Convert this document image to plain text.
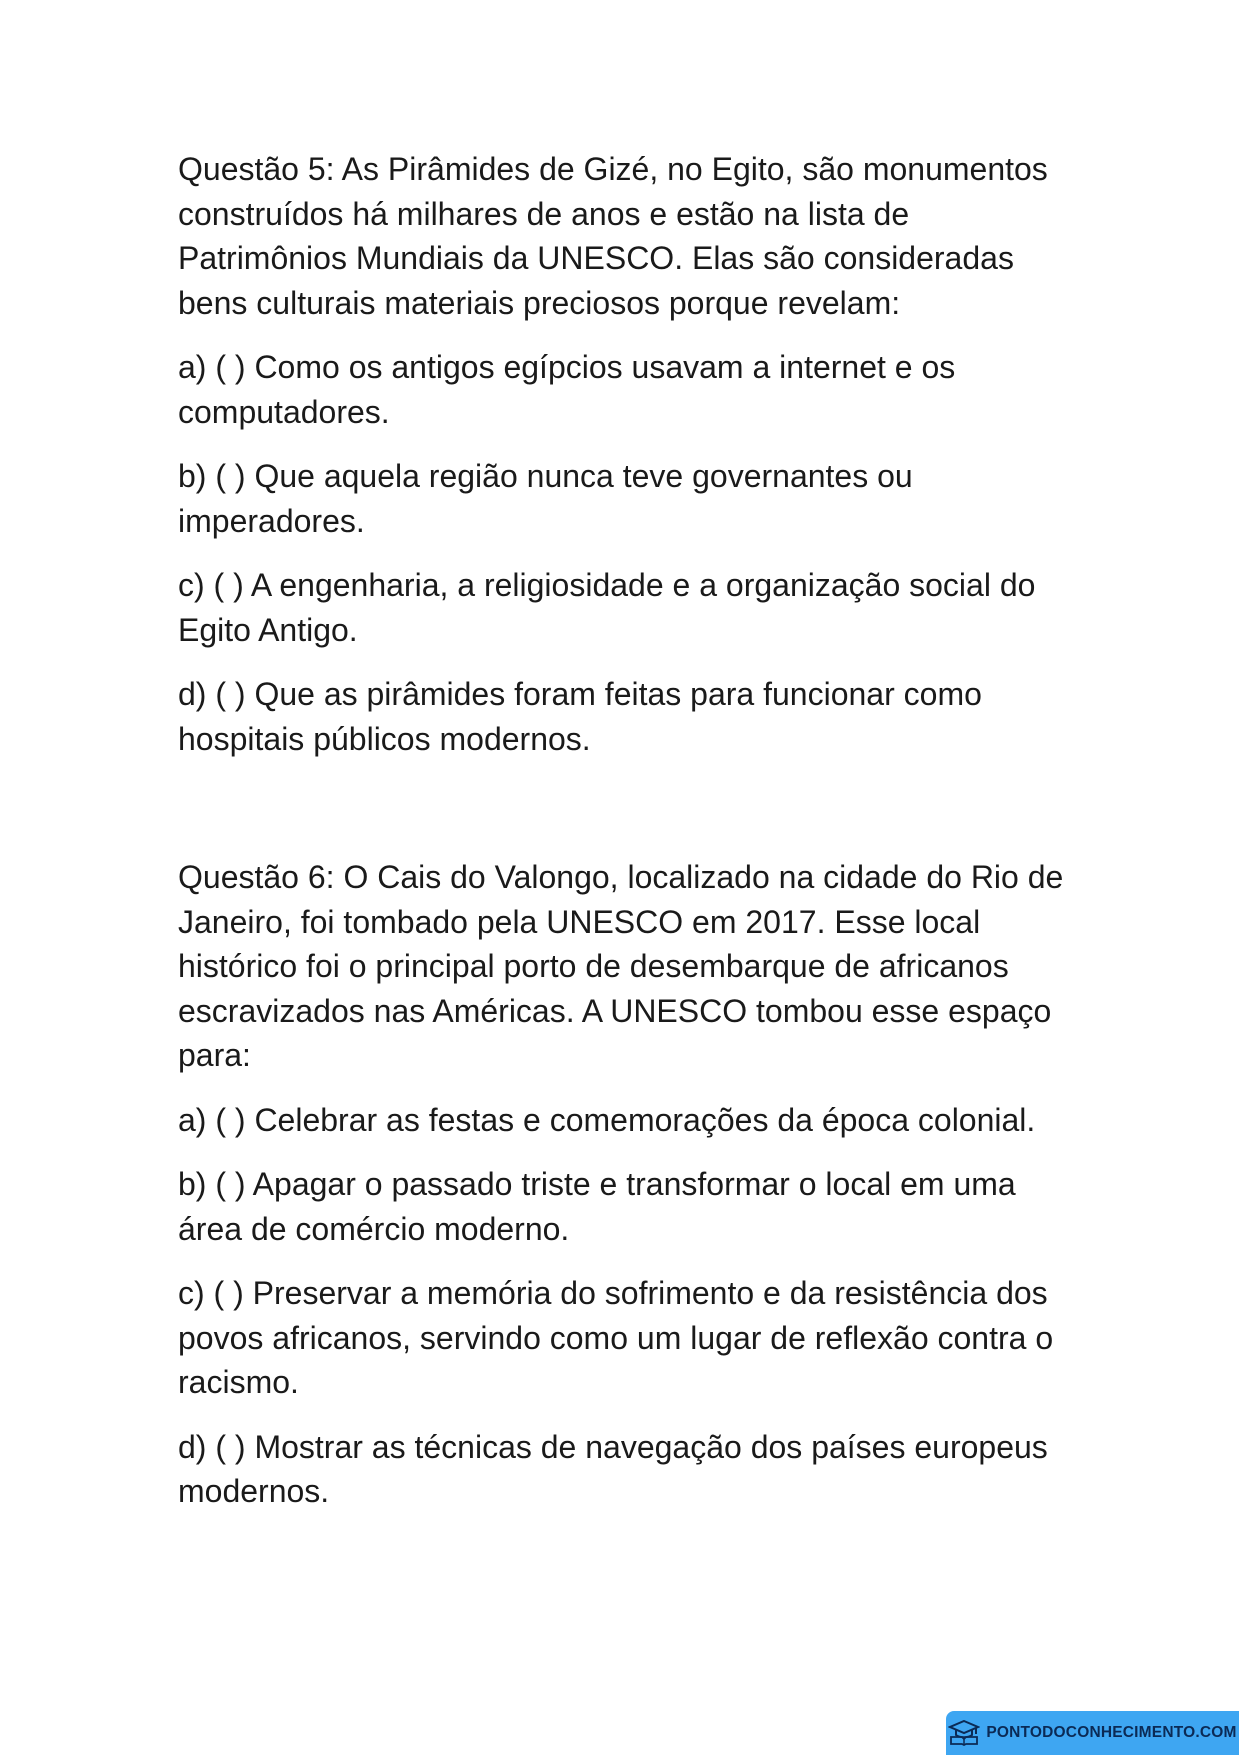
Questão 5: As Pirâmides de Gizé, no Egito, são monumentos construídos há milhares de anos e estão na lista de Patrimônios Mundiais da UNESCO. Elas são consideradas bens culturais materiais preciosos porque revelam:

a) ( ) Como os antigos egípcios usavam a internet e os computadores.

b) ( ) Que aquela região nunca teve governantes ou imperadores.

c) ( ) A engenharia, a religiosidade e a organização social do Egito Antigo.

d) ( ) Que as pirâmides foram feitas para funcionar como hospitais públicos modernos.

Questão 6: O Cais do Valongo, localizado na cidade do Rio de Janeiro, foi tombado pela UNESCO em 2017. Esse local histórico foi o principal porto de desembarque de africanos escravizados nas Américas. A UNESCO tombou esse espaço para:

a) ( ) Celebrar as festas e comemorações da época colonial.

b) ( ) Apagar o passado triste e transformar o local em uma área de comércio moderno.

c) ( ) Preservar a memória do sofrimento e da resistência dos povos africanos, servindo como um lugar de reflexão contra o racismo.

d) ( ) Mostrar as técnicas de navegação dos países europeus modernos.

PONTODOCONHECIMENTO.COM
